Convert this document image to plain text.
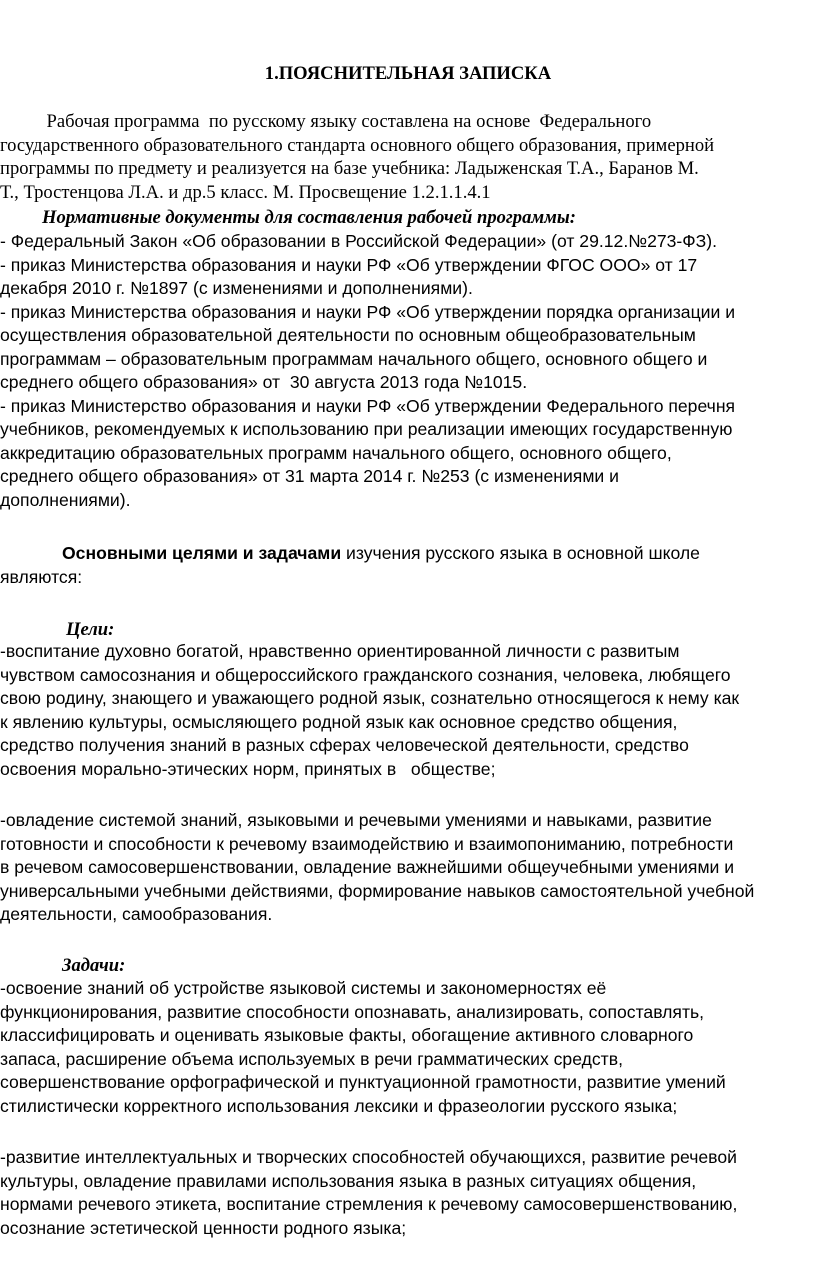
1.ПОЯСНИТЕЛЬНАЯ ЗАПИСКА
Рабочая программа  по русскому языку составлена на основе  Федерального
государственного образовательного стандарта основного общего образования, примерной
программы по предмету и реализуется на базе учебника: Ладыженская Т.А., Баранов М.
Т., Тростенцова Л.А. и др.5 класс. М. Просвещение 1.2.1.1.4.1
Нормативные документы для составления рабочей программы:
- Федеральный Закон «Об образовании в Российской Федерации» (от 29.12.№273-ФЗ).
- приказ Министерства образования и науки РФ «Об утверждении ФГОС ООО» от 17
декабря 2010 г. №1897 (с изменениями и дополнениями).
- приказ Министерства образования и науки РФ «Об утверждении порядка организации и
осуществления образовательной деятельности по основным общеобразовательным
программам – образовательным программам начального общего, основного общего и
среднего общего образования» от  30 августа 2013 года №1015.
- приказ Министерство образования и науки РФ «Об утверждении Федерального перечня
учебников, рекомендуемых к использованию при реализации имеющих государственную
аккредитацию образовательных программ начального общего, основного общего,
среднего общего образования» от 31 марта 2014 г. №253 (с изменениями и
дополнениями).
Основными целями и задачами изучения русского языка в основной школе
являются:
Цели:
-воспитание духовно богатой, нравственно ориентированной личности с развитым
чувством самосознания и общероссийского гражданского сознания, человека, любящего
свою родину, знающего и уважающего родной язык, сознательно относящегося к нему как
к явлению культуры, осмысляющего родной язык как основное средство общения,
средство получения знаний в разных сферах человеческой деятельности, средство
освоения морально-этических норм, принятых в   обществе;
-овладение системой знаний, языковыми и речевыми умениями и навыками, развитие
готовности и способности к речевому взаимодействию и взаимопониманию, потребности
в речевом самосовершенствовании, овладение важнейшими общеучебными умениями и
универсальными учебными действиями, формирование навыков самостоятельной учебной
деятельности, самообразования.
Задачи:
-освоение знаний об устройстве языковой системы и закономерностях её
функционирования, развитие способности опознавать, анализировать, сопоставлять,
классифицировать и оценивать языковые факты, обогащение активного словарного
запаса, расширение объема используемых в речи грамматических средств,
совершенствование орфографической и пунктуационной грамотности, развитие умений
стилистически корректного использования лексики и фразеологии русского языка;
-развитие интеллектуальных и творческих способностей обучающихся, развитие речевой
культуры, овладение правилами использования языка в разных ситуациях общения,
нормами речевого этикета, воспитание стремления к речевому самосовершенствованию,
осознание эстетической ценности родного языка;
